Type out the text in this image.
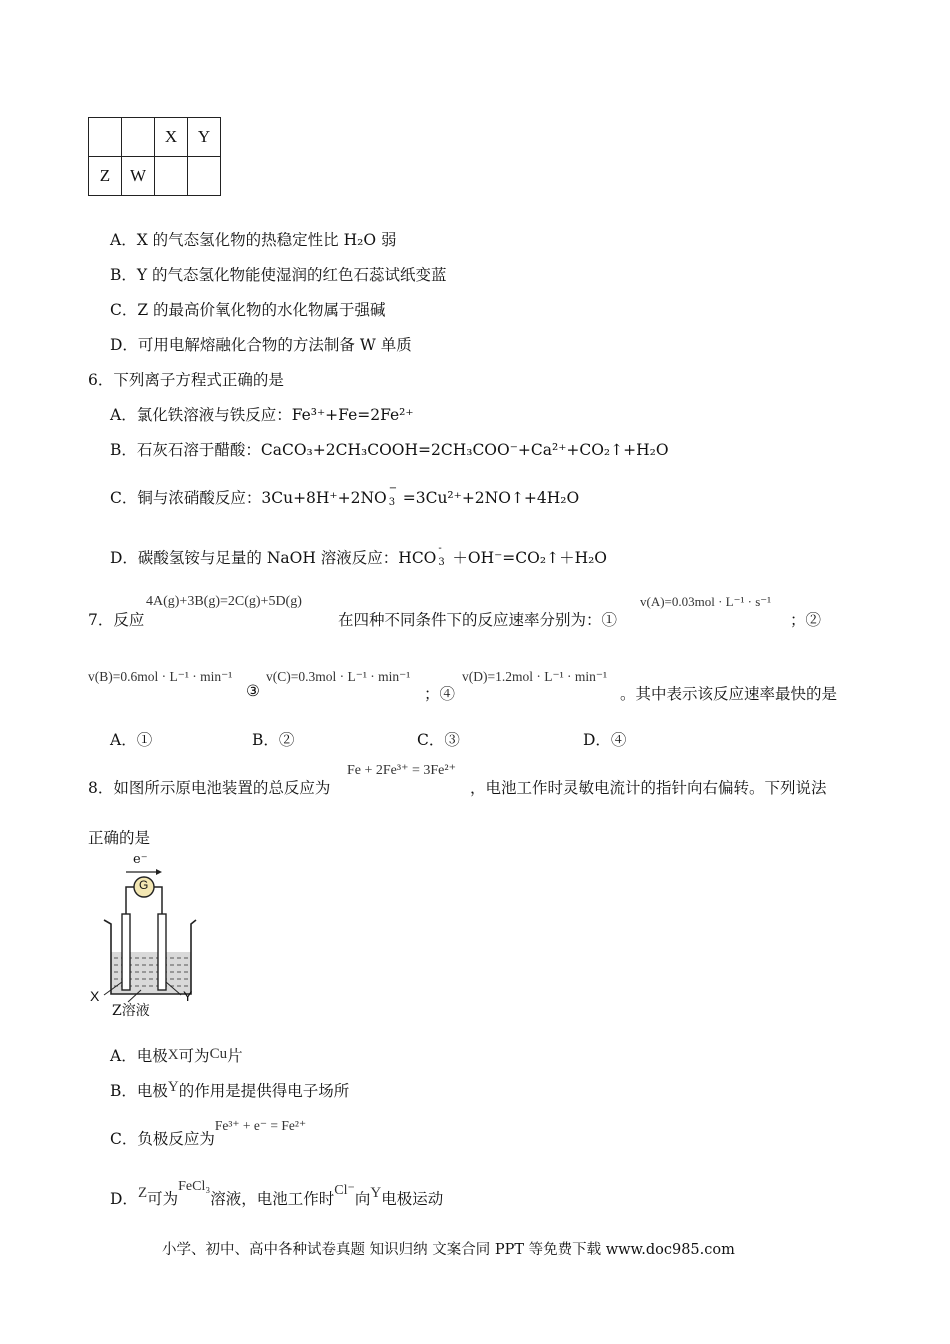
		X	Y
Z	W		
A．X 的气态氢化物的热稳定性比 H₂O 弱
B．Y 的气态氢化物能使湿润的红色石蕊试纸变蓝
C．Z 的最高价氧化物的水化物属于强碱
D．可用电解熔融化合物的方法制备 W 单质
6．下列离子方程式正确的是
A．氯化铁溶液与铁反应：Fe³⁺+Fe=2Fe²⁺
B．石灰石溶于醋酸：CaCO₃+2CH₃COOH=2CH₃COO⁻+Ca²⁺+CO₂↑+H₂O
C．铜与浓硝酸反应：3Cu+8H⁺+2NO
−
3 =3Cu²⁺+2NO↑+4H₂O
D．碳酸氢铵与足量的 NaOH 溶液反应：HCO
-
3 ＋OH⁻=CO₂↑＋H₂O
7．反应
4A(g)+3B(g)=2C(g)+5D(g)
在四种不同条件下的反应速率分别为：①
v(A)=0.03mol · L⁻¹ · s⁻¹
；②
v(B)=0.6mol · L⁻¹ · min⁻¹
③
v(C)=0.3mol · L⁻¹ · min⁻¹
；④
v(D)=1.2mol · L⁻¹ · min⁻¹
。其中表示该反应速率最快的是
A．①	B．②	C．③	D．④
8．如图所示原电池装置的总反应为
Fe + 2Fe³⁺ = 3Fe²⁺
，电池工作时灵敏电流计的指针向右偏转。下列说法
正确的是
e⁻
G
X	Y
Z溶液
A．电极X可为Cu片
B．电极Y的作用是提供得电子场所
C．负极反应为Fe³⁺ + e⁻ = Fe²⁺
D．Z可为FeCl₃溶液，电池工作时Cl⁻向Y电极运动
小学、初中、高中各种试卷真题 知识归纳 文案合同 PPT 等免费下载 www.doc985.com
